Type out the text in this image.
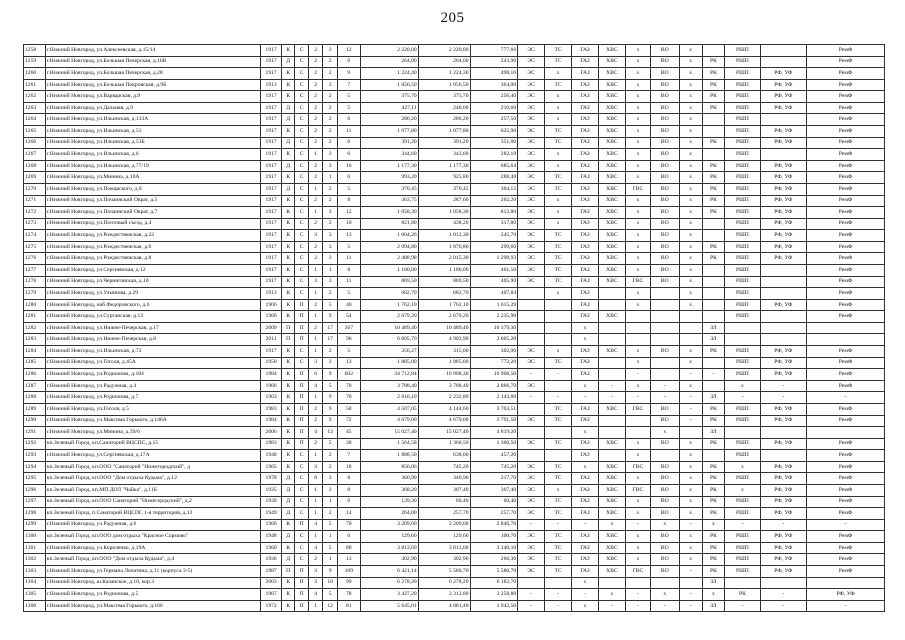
205
1258	г.Нижний Новгород, ул.Алексеевская, д.15/14	1917	К	С	2	3	12	2 220,00	2 220,00	777,66	ЭС	ТС	ГАЗ	ХВС	х	ВО	х		РШП		РемФ
1259	г.Нижний Новгород, ул.Большая Печерская, д.16В	1917	Д	С	2	2	6	264,00	264,00	243,90	ЭС	ТС	ГАЗ	ХВС	х	ВО	х	РК	РШП		РемФ
1260	г.Нижний Новгород, ул.Большая Печерская, д.28	1917	К	С	2	2	9	1 224,40	1 224,30	498,10	ЭС	х	ГАЗ	ХВС	х	ВО	х	РК	РШП	РФ, УФ	РемФ
1261	г.Нижний Новгород, ул.Большая Покровская, д.9Б	1913	К	С	2	3	7	1 056,50	1 056,50	364,00	ЭС	ТС	ГАЗ	ХВС	х	ВО	х	РК	РШП	РФ, УФ	РемФ
1262	г.Нижний Новгород, ул.Варварская, д.9	1917	К	С	2	2	5	375,70	375,70	256,40	ЭС	х	ГАЗ	ХВС	х	ВО	х	РК	РШП	РФ, УФ	РемФ
1263	г.Нижний Новгород, ул.Дальняя, д.9	1917	Д	С	2	2	5	427,11	240,00	210,60	ЭС	х	ГАЗ	ХВС	х	ВО	х	РК	РШП	РФ, УФ	РемФ
1264	г.Нижний Новгород, ул.Ильинская, д.133А	1917	Д	С	2	2	6	286,20	286,20	257,50	ЭС	х	ГАЗ	ХВС	х	ВО	х		РШП		РемФ
1265	г.Нижний Новгород, ул.Ильинская, д.53	1917	К	С	2	2	11	1 077,80	1 077,80	635,90	ЭС	ТС	ГАЗ	ХВС	х	ВО	х		РШП	РФ, УФ	РемФ
1266	г.Нижний Новгород, ул.Ильинская, д.53Б	1917	Д	С	2	2	6	391,20	391,20	351,00	ЭС	ТС	ГАЗ	ХВС	х	ВО	х	РК	РШП	РФ, УФ	РемФ
1267	г.Нижний Новгород, ул.Ильинская, д.6	1917	К	С	1	3	6	344,60	343,60	282,10	ЭС	х	ГАЗ	ХВС	х	ВО	х		РШП		РемФ
1268	г.Нижний Новгород, ул.Ильинская, д.77/19	1917	Д	С	2	3	16	1 177,30	1 177,30	685,64	ЭС	х	ГАЗ	ХВС	х	ВО	х	РК	РШП	РФ, УФ	РемФ
1269	г.Нижний Новгород, ул.Минина, д.10А	1917	К	С	2	1	6	993,20	925,80	288,40	ЭС	ТС	ГАЗ	ХВС	х	ВО	х	РК	РШП	РФ, УФ	РемФ
1270	г.Нижний Новгород, ул.Пожарского, д.8	1917	Д	С	1	2	5	370,45	370,45	304,15	ЭС	ТС	ГАЗ	ХВС	ГВС	ВО	х	РК	РШП	РФ, УФ	РемФ
1271	г.Нижний Новгород, ул.Почаинский Овраг, д.5	1917	К	С	2	2	8	363,75	287,60	262,20	ЭС	х	ГАЗ	ХВС	х	ВО	х	РК	РШП	РФ, УФ	РемФ
1272	г.Нижний Новгород, ул.Почаинский Овраг, д.7	1917	К	С	1	3	12	1 058,30	1 058,30	812,80	ЭС	х	ГАЗ	ХВС	х	ВО	х	РК	РШП	РФ, УФ	РемФ
1273	г.Нижний Новгород, ул.Почтовый съезд, д.4	1917	К	С	2	2	10	821,80	438,20	317,80	ЭС	х	ГАЗ	ХВС	х	ВО	х		РШП	РФ, УФ	РемФ
1274	г.Нижний Новгород, ул.Рождественская, д.22	1917	К	С	3	3	13	1 604,26	1 012,30	245,70	ЭС	ТС	ГАЗ	ХВС	х	ВО	х		РШП	РФ, УФ	РемФ
1275	г.Нижний Новгород, ул.Рождественская, д.6	1917	К	С	2	3	5	2 094,80	1 876,80	299,60	ЭС	ТС	ГАЗ	ХВС	х	ВО	х	РК	РШП	РФ, УФ	РемФ
1276	г.Нижний Новгород, ул.Рождественская, д.8	1917	К	С	2	3	11	2 488,98	2 015,30	1 298,93	ЭС	ТС	ГАЗ	ХВС	х	ВО	х	РК	РШП	РФ, УФ	РемФ
1277	г.Нижний Новгород, ул.Сергиевская, д.12	1917	К	С	1	1	8	1 180,00	1 180,00	461,50	ЭС	ТС	ГАЗ	ХВС	х	ВО	х		РШП		РемФ
1278	г.Нижний Новгород, ул.Черниговская, д.10	1917	К	С	3	3	11	869,50	869,50	405,90	ЭС	ТС	ГАЗ	ХВС	ГВС	ВО	х		РШП		РемФ
1279	г.Нижний Новгород, ул.Ульянова, д.29	1913	К	С	1	2	5	682,70	682,70	407,84		х	ГАЗ		х		х		РШП		РемФ
1280	г.Нижний Новгород, наб.Федоровского, д.6	1966	К	П	2	5	40	1 762,10	1 762,10	1 615,29			ГАЗ		х		х		РШП	РФ, УФ	РемФ
1281	г.Нижний Новгород, ул.Сурганская, д.13	1966	К	П	1	9	54	2 679,20	2 679,20	2 235,90			ГАЗ	ХВС					РШП		РемФ
1282	г.Нижний Новгород, ул.Нижне-Печерская, д.17	2009	П	П	2	17	167	10 489,40	10 489,40	10 379,30			х					ЗЛ			
1283	г.Нижний Новгород, ул.Нижне-Печерская, д.8	2011	П	П	1	17	96	6 605,70	4 903,90	2 605,20			х					ЗЛ			
1284	г.Нижний Новгород, ул.Ильинская, д.72	1917	К	С	1	2	5	356,27	315,00	302,00	ЭС	х	ГАЗ	ХВС	х	ВО	х	РК	РШП	РФ, УФ	РемФ
1285	г.Нижний Новгород, ул.Гоголя, д.45А	1950	К	С	3	2	13	1 885,00	1 885,00	772,20	ЭС	ТС	ГАЗ		х		х		РШП	РФ, УФ	РемФ
1286	г.Нижний Новгород, ул.Родионова, д.184	1984	К	П	6	9	602	34 712,84	16 908,30	16 908,50	-	-	ГАЗ		-		-	-	РШП	РФ, УФ	РемФ
1287	г.Нижний Новгород, ул.Радужная, д.4	1966	К	П	4	5	70	3 788,40	3 788,40	2 866,70	ЭС		х	-	х	-	х		х	-	РемФ
1288	г.Нижний Новгород, ул.Родионова, д.7	1963	К	П	1	9	70	2 616,10	2 232,80	2 143,00	-	-	-	-	-	-	-	ЗЛ	-	-	-
1289	г.Нижний Новгород, ул.Гоголя, д.5	1983	К	П	2	9	58	4 507,05	4 144,60	3 763,51		ТС	ГАЗ	ХВС	ГВС	ВО	-	РК	РШП	РФ, УФ	РемФ
1290	г.Нижний Новгород, ул.Максима Горького, д.146А	1984	К	П	2	9	72	4 679,00	4 679,00	3 791,50	ЭС	ТС	ГАЗ			ВО	-	РК	РШП	РФ, УФ	РемФ
1291	г.Нижний Новгород, ул.Минина, д.39/6	2006	К	П	4	13	45	15 027,40	15 027,40	4 819,20			х			х		ЗЛ			
1292	кп.Зеленый Город, кп.Санаторий ВЦСПС, д.15	1983	К	П	2	5	30	1 564,58	1 360,50	1 360,50	ЭС	ТС	ГАЗ	ХВС	х	ВО	х	РК	РШП	РФ, УФ	РемФ
1293	г.Нижний Новгород, ул.Сергиевская, д.17А	1948	К	С	1	2	7	1 888,50	638,00	457,20			ГАЗ		х		х		РШП		РемФ
1294	кп.Зеленый Город, кп.ООО "Санаторий "Нижегородский", д	1965	К	С	3	2	18	856,06	745,20	745,20	ЭС	ТС	х	ХВС	ГВС	ВО	х	РК	х	РФ, УФ	РемФ
1295	кп.Зеленый Город, кп.ООО "Дом отдыха Кудьма", д.12	1978	Д	С	8	3	8	360,90	340,90	217,70	ЭС	ТС	ГАЗ	ХВС	х	ВО	х	РК	РШП	РФ, УФ	РемФ
1296	кп.Зеленый Город, кп.МП ДОЛ "Чайка", д.11Б	1935	Д	С	1	2	8	368,20	307,40	307,40	ЭС	х	ГАЗ	ХВС	ГВС	ВО	х	РК	х	РФ, УФ	РемФ
1297	кп.Зеленый Город, кп.ООО Санаторий "Нижегородский", д.2	1939	Д	С	1	1	6	139,30	60,40	60,40	ЭС	ТС	ГАЗ	ХВС	х	ВО	х	РК	РШП	РФ, УФ	РемФ
1298	кп.Зеленый Город, п.Санаторий ВЦСПС 1-я территория, д.13	1949	Д	С	1	2	14	264,00	257,70	257,70	ЭС	ТС	ГАЗ	ХВС	х	ВО	х	РК	РШП	РФ, УФ	РемФ
1299	г.Нижний Новгород, ул.Радужная, д.6	1966	К	П	4	5	70	3 209,60	3 209,60	2 846,70	-	-	-	х	-	х	-	х	-	-	-
1300	кп.Зеленый Город, кп.ООО дом отдыха "Красное Сормово"	1948	Д	С	1	1	6	129,60	129,60	100,70	ЭС	ТС	ГАЗ	ХВС	х	ВО	х	РК	РШП	РФ, УФ	РемФ
1301	г.Нижний Новгород, ул.Короленко, д.19А	1960	К	С	4	5	80	3 813,60	3 813,60	3 140,10	ЭС	ТС	ГАЗ	ХВС	х	ВО	х	РК	РШП	РФ, УФ	РемФ
1302	кп.Зеленый Город, кп.ООО "Дом отдыха Кудьма", д.4	1936	Д	С	2	1	13	302,90	302,90	266,30	ЭС	ТС	ГАЗ	ХВС	х	ВО	х	РК	РШП	РФ, УФ	РемФ
1303	г.Нижний Новгород, ул.Германа Лопатина, д.11 (корпуса 3-5)	1987	П	П	3	9	109	6 421,14	5 580,70	5 580,70	ЭС	ТС	ГАЗ	ХВС	ГВС	ВО	-	РК	РШП	РФ, УФ	РемФ
1304	г.Нижний Новгород, ш.Казанское, д.10, кор.3	2003	К	П	3	10	99	6 278,20	6 278,20	6 182,70			х					ЗЛ			
1305	г.Нижний Новгород, ул.Родионова, д.5	1967	К	П	4	5	78	3 427,20	3 312,80	3 258,80	-	-	-	х	-	х	-	х	РК	-	РФ, УФ
1306	г.Нижний Новгород, ул.Максима Горького, д.160	1972	К	П	1	12	81	5 645,01	4 081,40	3 942,50	-	-	х	-	-	-	-	ЗЛ	-	-	-
